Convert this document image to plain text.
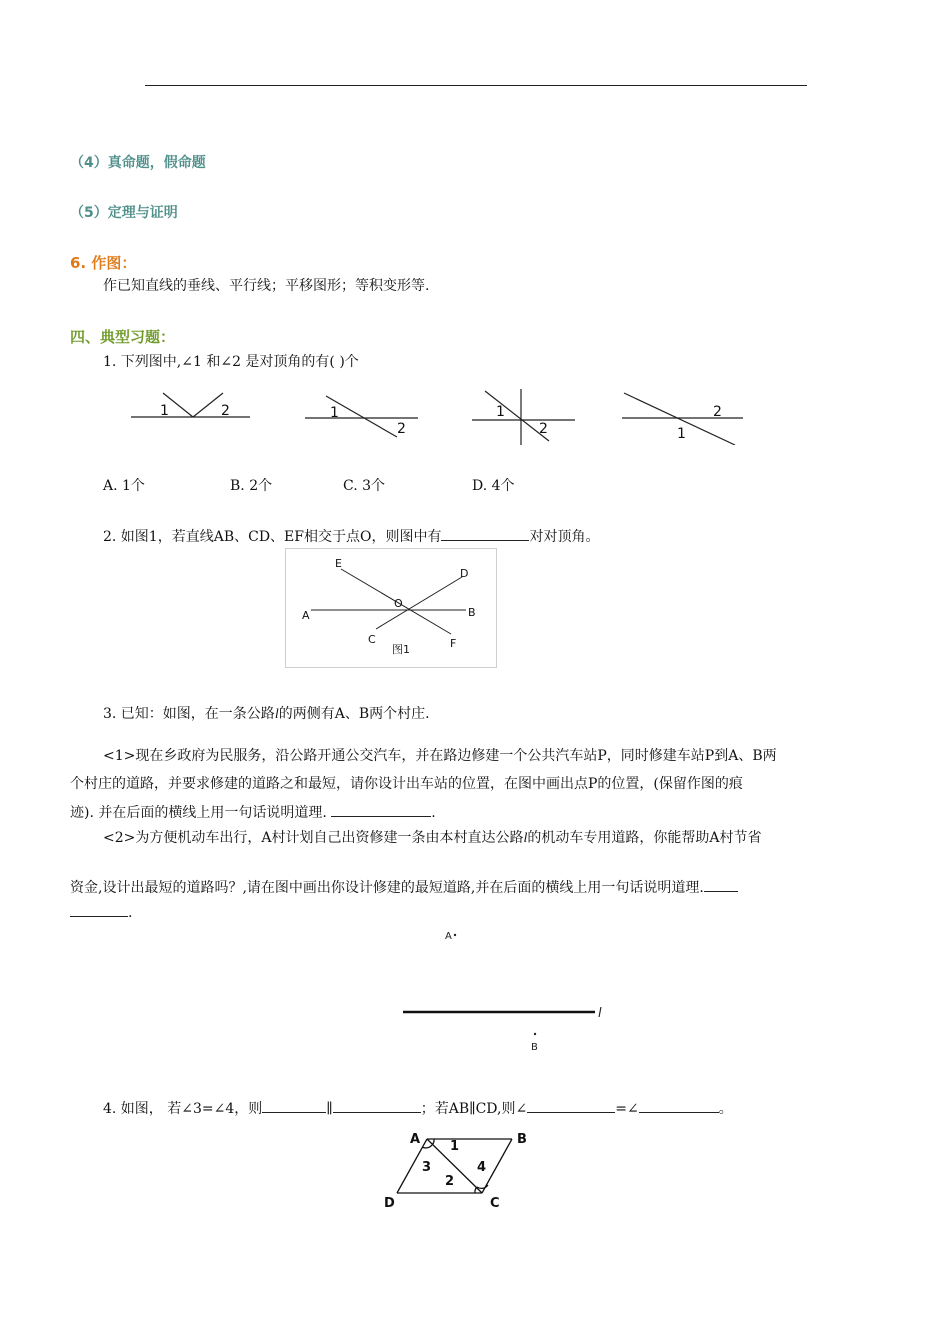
（4）真命题，假命题
（5）定理与证明
6. 作图：
作已知直线的垂线、平行线；平移图形；等积变形等.
四、典型习题：
1. 下列图中,∠1 和∠2 是对顶角的有( )个
1	2	1
2
1
2	1
2
A. 1个	B. 2个	C. 3个	D. 4个
2. 如图1，若直线AB、CD、EF相交于点O，则图中有	对对顶角。
E
D
O
A	B
C	F
图1
3. 已知：如图，在一条公路l的两侧有A、B两个村庄.
<1>现在乡政府为民服务，沿公路开通公交汽车，并在路边修建一个公共汽车站P，同时修建车站P到A、B两
个村庄的道路，并要求修建的道路之和最短，请你设计出车站的位置，在图中画出点P的位置，(保留作图的痕
迹). 并在后面的横线上用一句话说明道理.	.
<2>为方便机动车出行，A村计划自己出资修建一条由本村直达公路l的机动车专用道路，你能帮助A村节省
资金,设计出最短的道路吗？,请在图中画出你设计修建的最短道路,并在后面的横线上用一句话说明道理.
.
A
l
B
4. 如图， 若∠3=∠4，则	∥	；若AB∥CD,则∠	=∠	。
A	B
C
D
1
3
2
4
